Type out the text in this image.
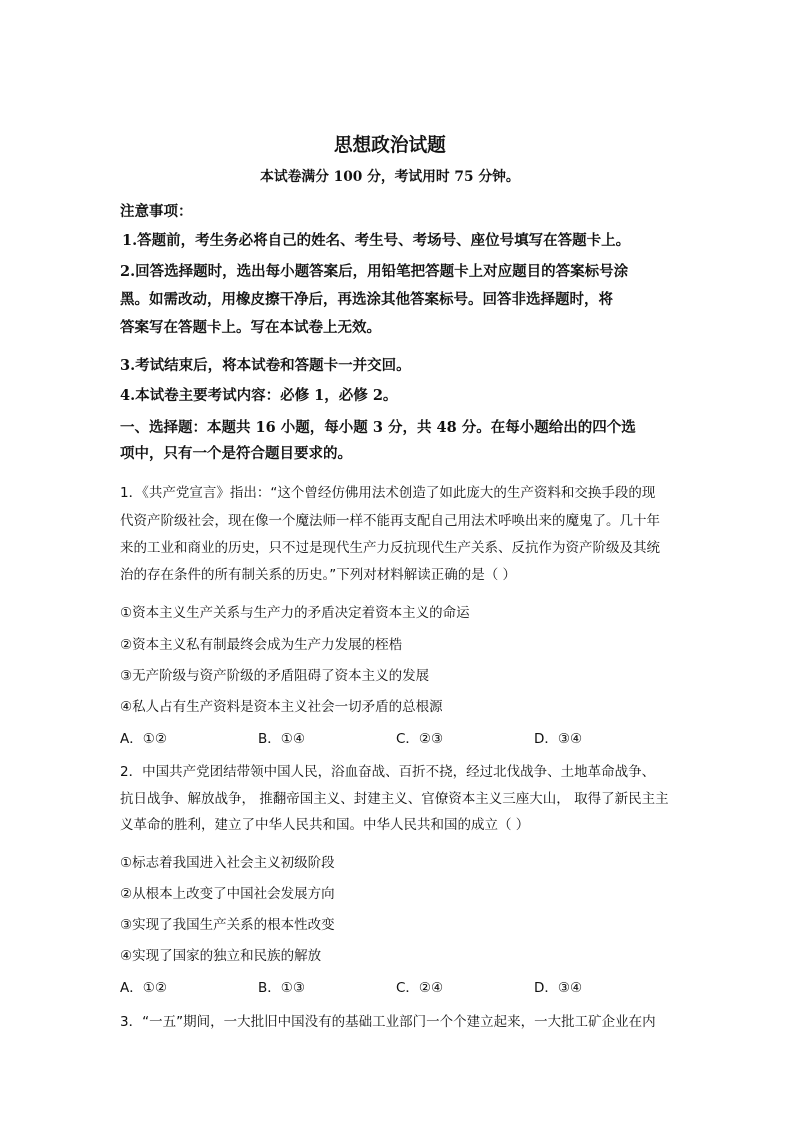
思想政治试题
本试卷满分 100 分，考试用时 75 分钟。
注意事项：
1.答题前，考生务必将自己的姓名、考生号、考场号、座位号填写在答题卡上。
2.回答选择题时，选出每小题答案后，用铅笔把答题卡上对应题目的答案标号涂
黑。如需改动，用橡皮擦干净后，再选涂其他答案标号。回答非选择题时，将
答案写在答题卡上。写在本试卷上无效。
3.考试结束后，将本试卷和答题卡一并交回。
4.本试卷主要考试内容：必修 1，必修 2。
一、选择题：本题共 16 小题，每小题 3 分，共 48 分。在每小题给出的四个选
项中，只有一个是符合题目要求的。
1．《共产党宣言》指出：“这个曾经仿佛用法术创造了如此庞大的生产资料和交换手段的现
代资产阶级社会，现在像一个魔法师一样不能再支配自己用法术呼唤出来的魔鬼了。几十年
来的工业和商业的历史，只不过是现代生产力反抗现代生产关系、反抗作为资产阶级及其统
治的存在条件的所有制关系的历史。”下列对材料解读正确的是（ ）
①资本主义生产关系与生产力的矛盾决定着资本主义的命运
②资本主义私有制最终会成为生产力发展的桎梏
③无产阶级与资产阶级的矛盾阻碍了资本主义的发展
④私人占有生产资料是资本主义社会一切矛盾的总根源
A．①②	B．①④	C．②③	D．③④
2．中国共产党团结带领中国人民，浴血奋战、百折不挠，经过北伐战争、土地革命战争、
抗日战争、解放战争， 推翻帝国主义、封建主义、官僚资本主义三座大山， 取得了新民主主
义革命的胜利，建立了中华人民共和国。中华人民共和国的成立（ ）
①标志着我国进入社会主义初级阶段
②从根本上改变了中国社会发展方向
③实现了我国生产关系的根本性改变
④实现了国家的独立和民族的解放
A．①②	B．①③	C．②④	D．③④
3．“一五”期间，一大批旧中国没有的基础工业部门一个个建立起来，一大批工矿企业在内
